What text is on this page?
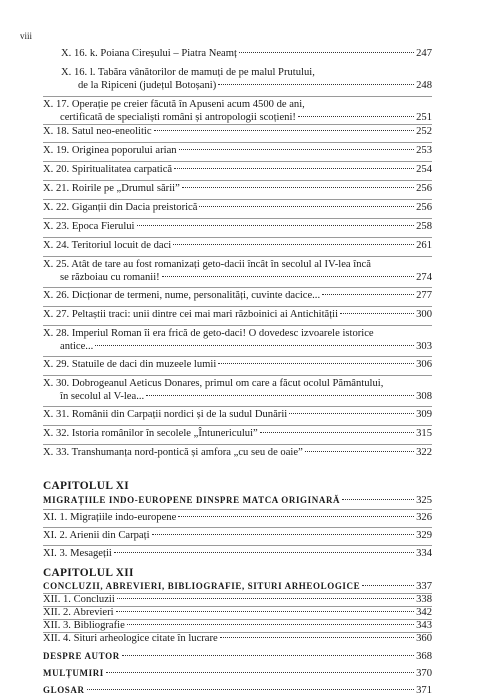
viii
X. 16. k. Poiana Cireșului – Piatra Neamț	247
X. 16. l. Tabăra vânătorilor de mamuți de pe malul Prutului,
de la Ripiceni (județul Botoșani)	248
X. 17. Operație pe creier făcută în Apuseni acum 4500 de ani,
certificată de specialiști români și antropologii scoțieni!	251
X. 18. Satul neo-eneolitic	252
X. 19. Originea poporului arian	253
X. 20. Spiritualitatea carpatică	254
X. 21. Roirile pe „Drumul sării”	256
X. 22. Giganții din Dacia preistorică	256
X. 23. Epoca Fierului	258
X. 24. Teritoriul locuit de daci	261
X. 25. Atât de tare au fost romanizați geto-dacii încât în secolul al IV-lea încă
se războiau cu romanii!	274
X. 26. Dicționar de termeni, nume, personalități, cuvinte dacice...	277
X. 27. Peltaștii traci: unii dintre cei mai mari războinici ai Antichității	300
X. 28. Imperiul Roman îi era frică de geto-daci! O dovedesc izvoarele istorice
antice...	303
X. 29. Statuile de daci din muzeele lumii	306
X. 30. Dobrogeanul Aeticus Donares, primul om care a făcut ocolul Pământului,
în secolul al V-lea...	308
X. 31. Românii din Carpații nordici și de la sudul Dunării	309
X. 32. Istoria românilor în secolele „Întunericului”	315
X. 33. Transhumanța nord-pontică și amfora „cu seu de oaie”	322
CAPITOLUL XI
MIGRAȚIILE INDO-EUROPENE DINSPRE MATCA ORIGINARĂ	325
XI. 1. Migrațiile indo-europene	326
XI. 2. Arienii din Carpați	329
XI. 3. Mesageții	334
CAPITOLUL XII
CONCLUZII, ABREVIERI, BIBLIOGRAFIE, SITURI ARHEOLOGICE	337
XII. 1. Concluzii	338
XII. 2. Abrevieri	342
XII. 3. Bibliografie	343
XII. 4. Situri arheologice citate în lucrare	360
DESPRE AUTOR	368
MULȚUMIRI	370
GLOSAR	371
